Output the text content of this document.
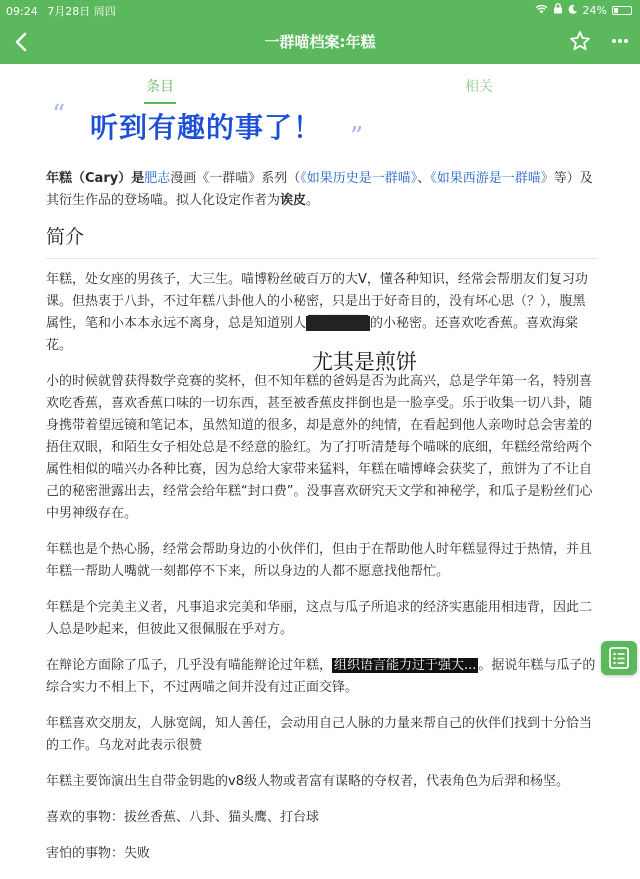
09:24 7月28日 周四	24%
一群喵档案:年糕
条目	相关
“ 听到有趣的事了！ ”

年糕（Cary）是肥志漫画《一群喵》系列（《如果历史是一群喵》、《如果西游是一群喵》等）及其衍生作品的登场喵。拟人化设定作者为诶皮。

简介

年糕，处女座的男孩子，大三生。喵博粉丝破百万的大V，懂各种知识，经常会帮朋友们复习功课。但热衷于八卦，不过年糕八卦他人的小秘密，只是出于好奇目的，没有坏心思（？），腹黑属性，笔和小本本永远不离身，总是知道别人 ██████ 的小秘密。还喜欢吃香蕉。喜欢海棠花。

小的时候就曾获得数学竞赛的奖杯，但不知年糕的爸妈是否为此高兴，总是学年第一名，特别喜欢吃香蕉，喜欢香蕉口味的一切东西，甚至被香蕉皮拌倒也是一脸享受。乐于收集一切八卦，随身携带着望远镜和笔记本，虽然知道的很多，却是意外的纯情，在看起到他人亲吻时总会害羞的捂住双眼，和陌生女子相处总是不经意的脸红。为了打听清楚每个喵咪的底细，年糕经常给两个属性相似的喵兴办各种比赛，因为总给大家带来猛料，年糕在喵博峰会获奖了，煎饼为了不让自己的秘密泄露出去，经常会给年糕“封口费”。没事喜欢研究天文学和神秘学，和瓜子是粉丝们心中男神级存在。

年糕也是个热心肠，经常会帮助身边的小伙伴们，但由于在帮助他人时年糕显得过于热情，并且年糕一帮助人嘴就一刻都停不下来，所以身边的人都不愿意找他帮忙。

年糕是个完美主义者，凡事追求完美和华丽，这点与瓜子所追求的经济实惠能用相违背，因此二人总是吵起来，但彼此又很佩服在乎对方。

在辩论方面除了瓜子，几乎没有喵能辩论过年糕， 组织语言能力过于强大... 。据说年糕与瓜子的综合实力不相上下，不过两喵之间并没有过正面交锋。

年糕喜欢交朋友，人脉宽阔，知人善任，会动用自己人脉的力量来帮自己的伙伴们找到十分恰当的工作。乌龙对此表示很赞

年糕主要饰演出生自带金钥匙的v8级人物或者富有谋略的夺权者，代表角色为后羿和杨坚。

喜欢的事物：拔丝香蕉、八卦、猫头鹰、打台球

害怕的事物：失败

尤其是煎饼
